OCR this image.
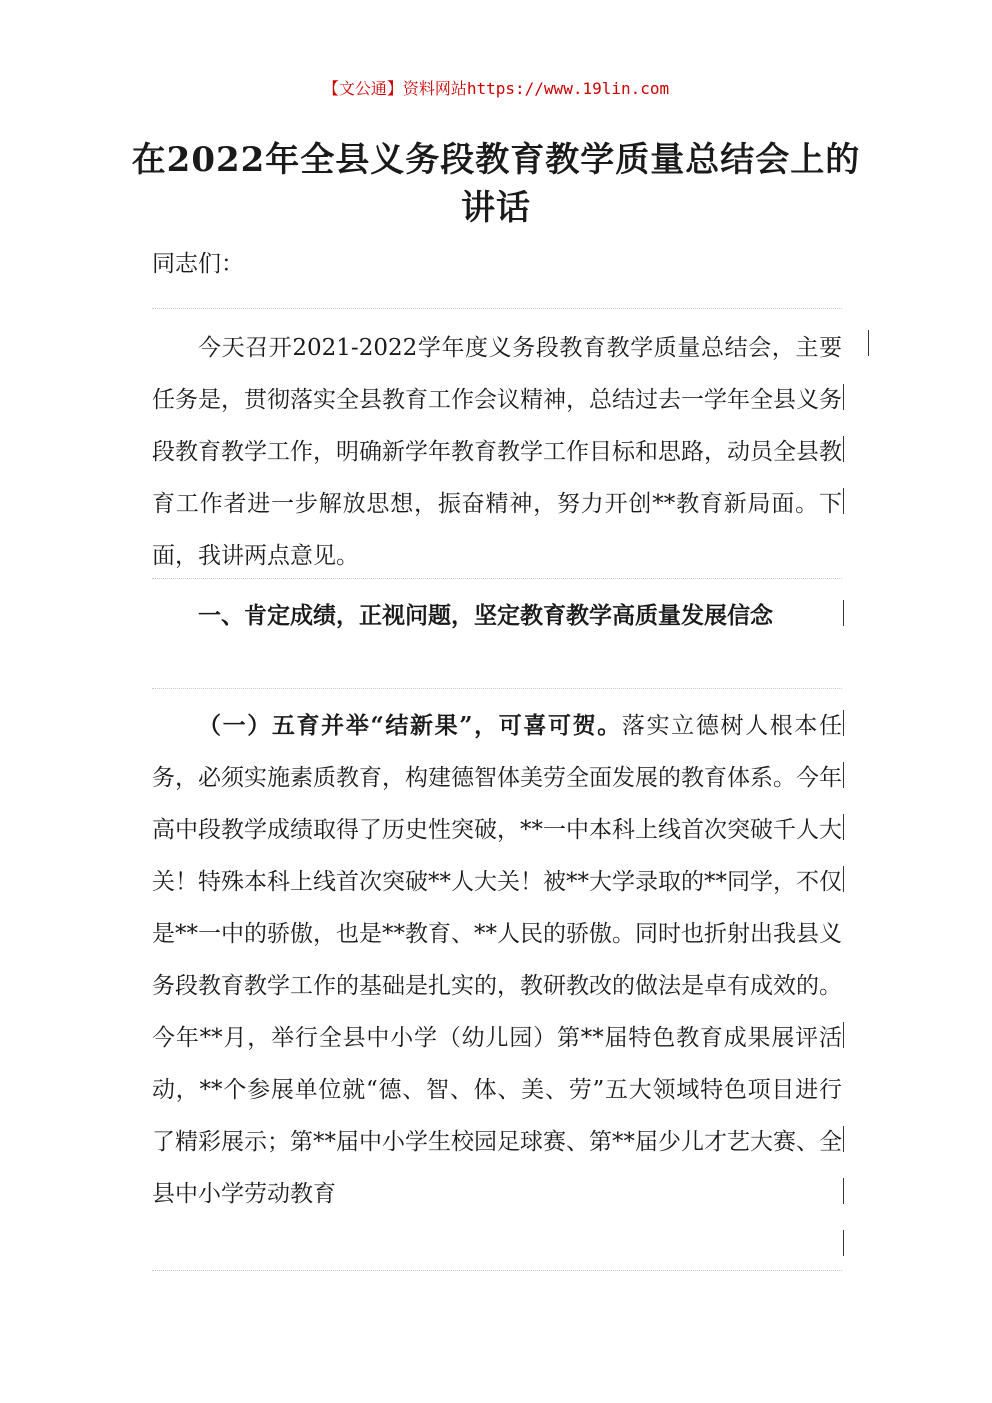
【文公通】资料网站https://www.19lin.com
在2022年全县义务段教育教学质量总结会上的讲话
同志们：
今天召开2021-2022学年度义务段教育教学质量总结会，主要任务是，贯彻落实全县教育工作会议精神，总结过去一学年全县义务段教育教学工作，明确新学年教育教学工作目标和思路，动员全县教育工作者进一步解放思想，振奋精神，努力开创**教育新局面。下面，我讲两点意见。
一、肯定成绩，正视问题，坚定教育教学高质量发展信念
（一）五育并举“结新果”，可喜可贺。落实立德树人根本任务，必须实施素质教育，构建德智体美劳全面发展的教育体系。今年高中段教学成绩取得了历史性突破，**一中本科上线首次突破千人大关！特殊本科上线首次突破**人大关！被**大学录取的**同学，不仅是**一中的骄傲，也是**教育、**人民的骄傲。同时也折射出我县义务段教育教学工作的基础是扎实的，教研教改的做法是卓有成效的。今年**月，举行全县中小学（幼儿园）第**届特色教育成果展评活动，**个参展单位就“德、智、体、美、劳”五大领域特色项目进行了精彩展示；第**届中小学生校园足球赛、第**届少儿才艺大赛、全县中小学劳动教育
